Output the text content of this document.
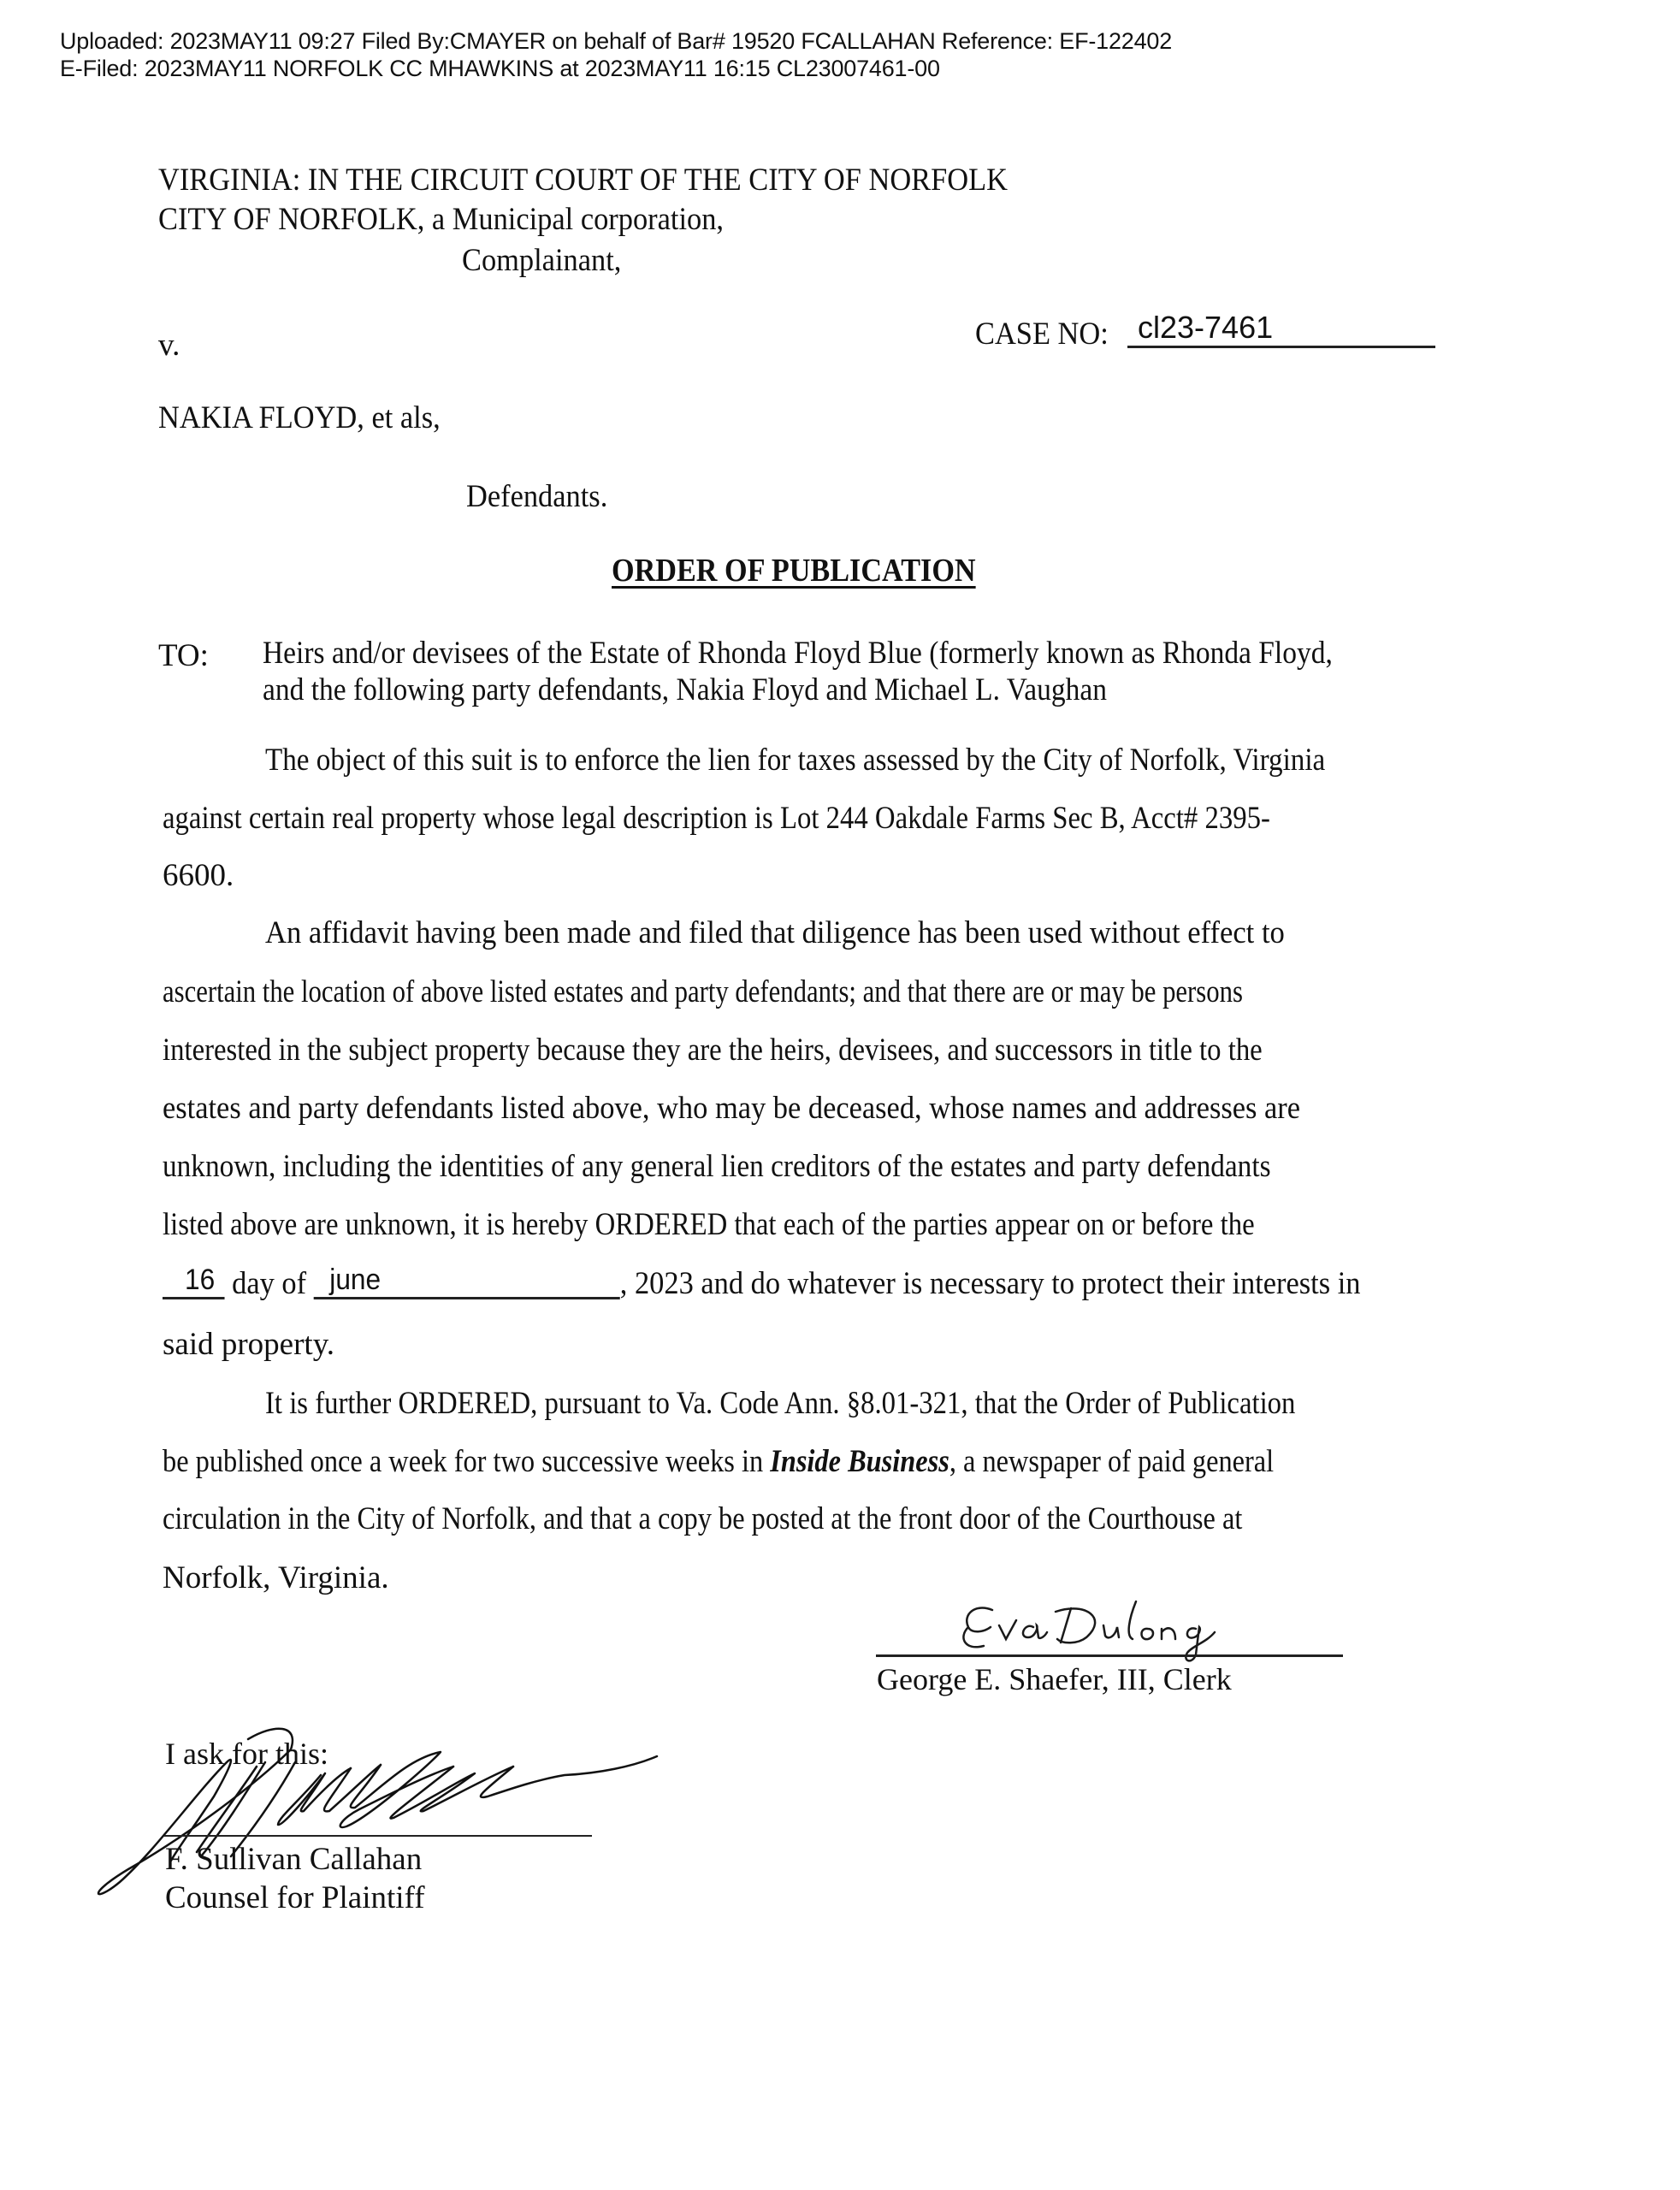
Uploaded: 2023MAY11 09:27 Filed By:CMAYER on behalf of Bar# 19520 FCALLAHAN Reference: EF-122402
E-Filed: 2023MAY11 NORFOLK CC MHAWKINS at 2023MAY11 16:15 CL23007461-00
VIRGINIA: IN THE CIRCUIT COURT OF THE CITY OF NORFOLK
CITY OF NORFOLK, a Municipal corporation,
Complainant,
v.	CASE NO: cl23-7461
NAKIA FLOYD, et als,
Defendants.
ORDER OF PUBLICATION
TO: Heirs and/or devisees of the Estate of Rhonda Floyd Blue (formerly known as Rhonda Floyd,
and the following party defendants, Nakia Floyd and Michael L. Vaughan
The object of this suit is to enforce the lien for taxes assessed by the City of Norfolk, Virginia
against certain real property whose legal description is Lot 244 Oakdale Farms Sec B, Acct# 2395-
6600.
An affidavit having been made and filed that diligence has been used without effect to
ascertain the location of above listed estates and party defendants; and that there are or may be persons
interested in the subject property because they are the heirs, devisees, and successors in title to the
estates and party defendants listed above, who may be deceased, whose names and addresses are
unknown, including the identities of any general lien creditors of the estates and party defendants
listed above are unknown, it is hereby ORDERED that each of the parties appear on or before the
16 day of june	, 2023 and do whatever is necessary to protect their interests in
said property.
It is further ORDERED, pursuant to Va. Code Ann. §8.01-321, that the Order of Publication
be published once a week for two successive weeks in Inside Business, a newspaper of paid general
circulation in the City of Norfolk, and that a copy be posted at the front door of the Courthouse at
Norfolk, Virginia.
George E. Shaefer, III, Clerk
I ask for this:
F. Sullivan Callahan
Counsel for Plaintiff
